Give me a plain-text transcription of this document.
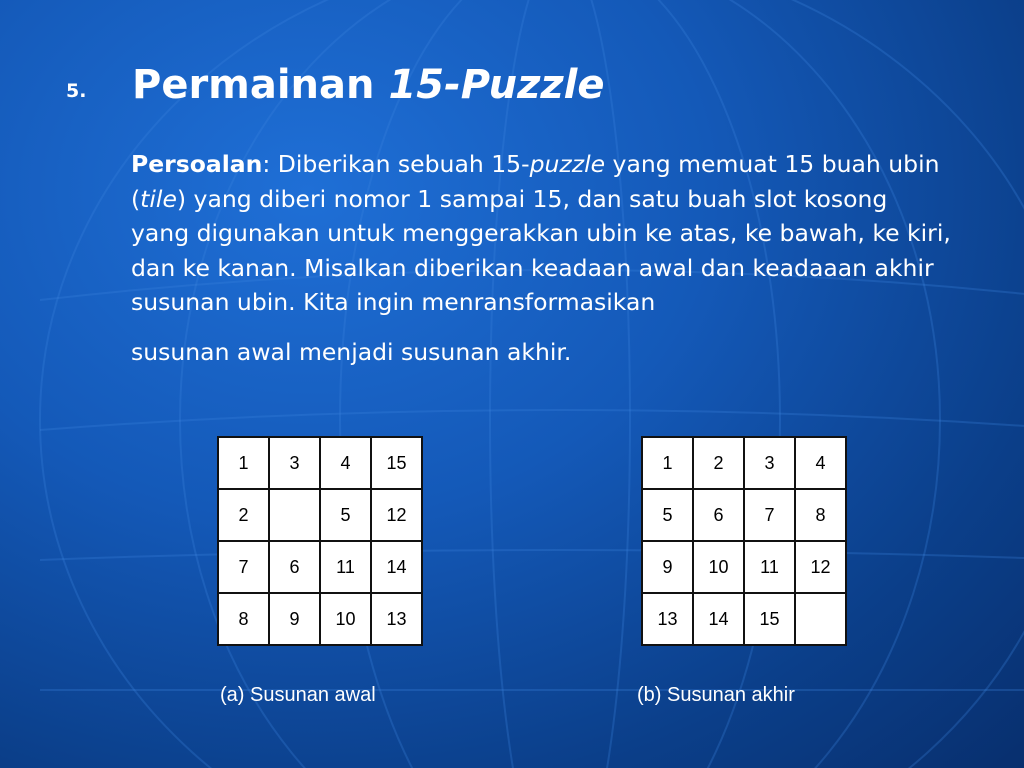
5. Permainan 15-Puzzle

Persoalan: Diberikan sebuah 15-puzzle yang memuat 15 buah ubin (tile) yang diberi nomor 1 sampai 15, dan satu buah slot kosong yang digunakan untuk menggerakkan ubin ke atas, ke bawah, ke kiri, dan ke kanan. Misalkan diberikan keadaan awal dan keadaaan akhir susunan ubin. Kita ingin menransformasikan

susunan awal menjadi susunan akhir.

1	3	4	15
2		5	12
7	6	11	14
8	9	10	13
1	2	3	4
5	6	7	8
9	10	11	12
13	14	15	
(a) Susunan awal	(b) Susunan akhir
